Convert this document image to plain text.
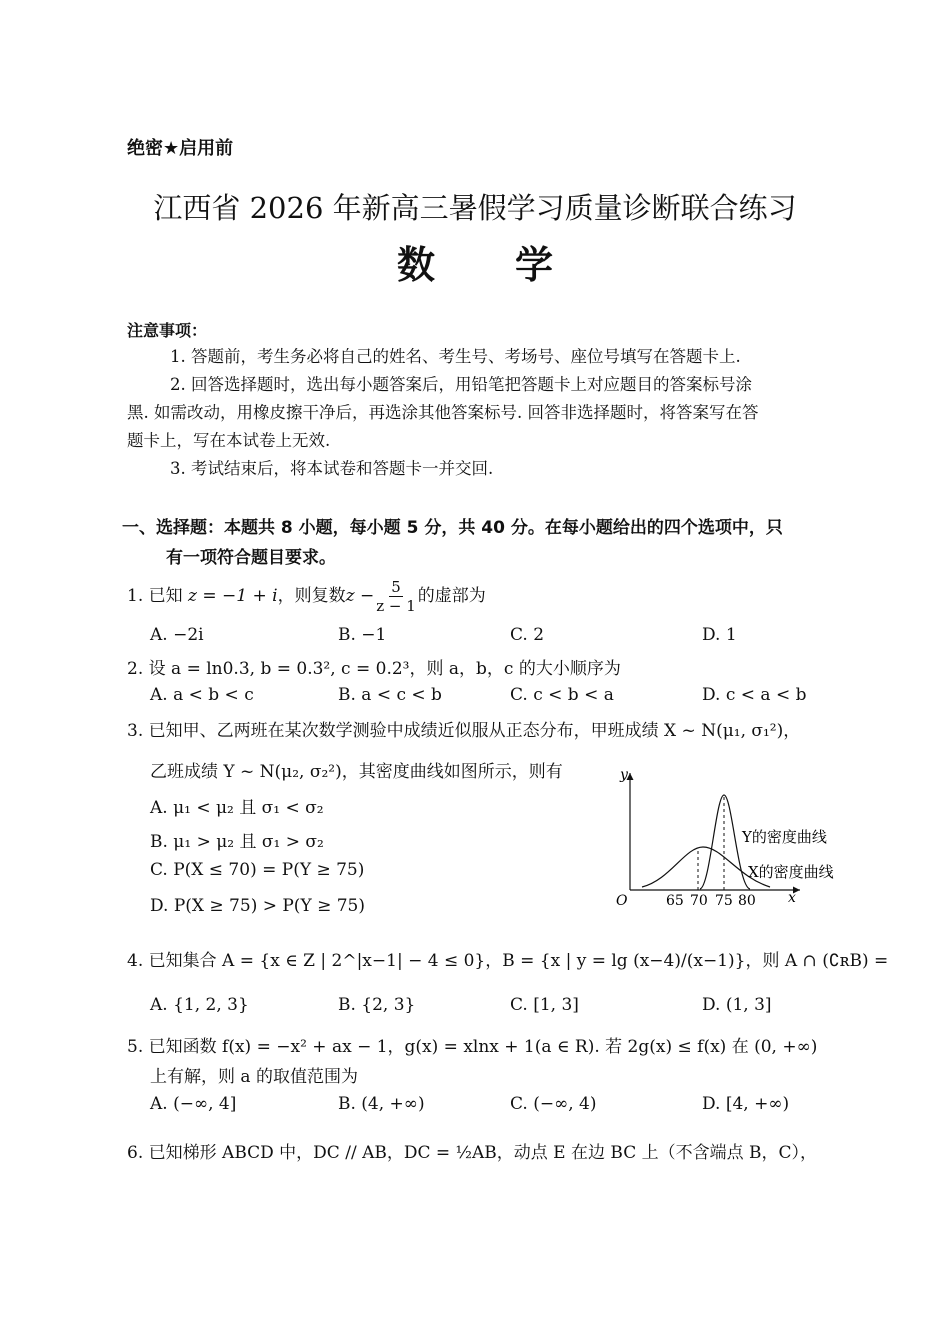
绝密★启用前
江西省 2026 年新高三暑假学习质量诊断联合练习
数学
注意事项：
1. 答题前，考生务必将自己的姓名、考生号、考场号、座位号填写在答题卡上.
2. 回答选择题时，选出每小题答案后，用铅笔把答题卡上对应题目的答案标号涂
黑. 如需改动，用橡皮擦干净后，再选涂其他答案标号. 回答非选择题时，将答案写在答
题卡上，写在本试卷上无效.
3. 考试结束后，将本试卷和答题卡一并交回.
一、选择题：本题共 8 小题，每小题 5 分，共 40 分。在每小题给出的四个选项中，只
有一项符合题目要求。
1. 已知 z = −1 + i，则复数$z - \frac{5}{z - 1}$ 的虚部为
A. −2i	B. −1	C. 2	D. 1
2. 设 a = ln0.3, b = 0.3², c = 0.2³，则 a，b，c 的大小顺序为
A. a < b < c	B. a < c < b	C. c < b < a	D. c < a < b
3. 已知甲、乙两班在某次数学测验中成绩近似服从正态分布，甲班成绩 X ~ N(μ₁, σ₁²)，
乙班成绩 Y ~ N(μ₂, σ₂²)，其密度曲线如图所示，则有
A. μ₁ < μ₂ 且 σ₁ < σ₂
B. μ₁ > μ₂ 且 σ₁ > σ₂
C. P(X ≤ 70) = P(Y ≥ 75)
D. P(X ≥ 75) > P(Y ≥ 75)
y
x
O	65 70 75 80
Y的密度曲线
X的密度曲线
4. 已知集合 A = {x ∈ Z | 2^|x−1| − 4 ≤ 0}，B = {x | y = lg (x−4)/(x−1)}，则 A ∩ (∁ʀB) =
A. {1, 2, 3}	B. {2, 3}	C. [1, 3]	D. (1, 3]
5. 已知函数 f(x) = −x² + ax − 1，g(x) = xlnx + 1(a ∈ R). 若 2g(x) ≤ f(x) 在 (0, +∞)
上有解，则 a 的取值范围为
A. (−∞, 4]	B. (4, +∞)	C. (−∞, 4)	D. [4, +∞)
6. 已知梯形 ABCD 中，DC // AB，DC = ½AB，动点 E 在边 BC 上（不含端点 B，C），
